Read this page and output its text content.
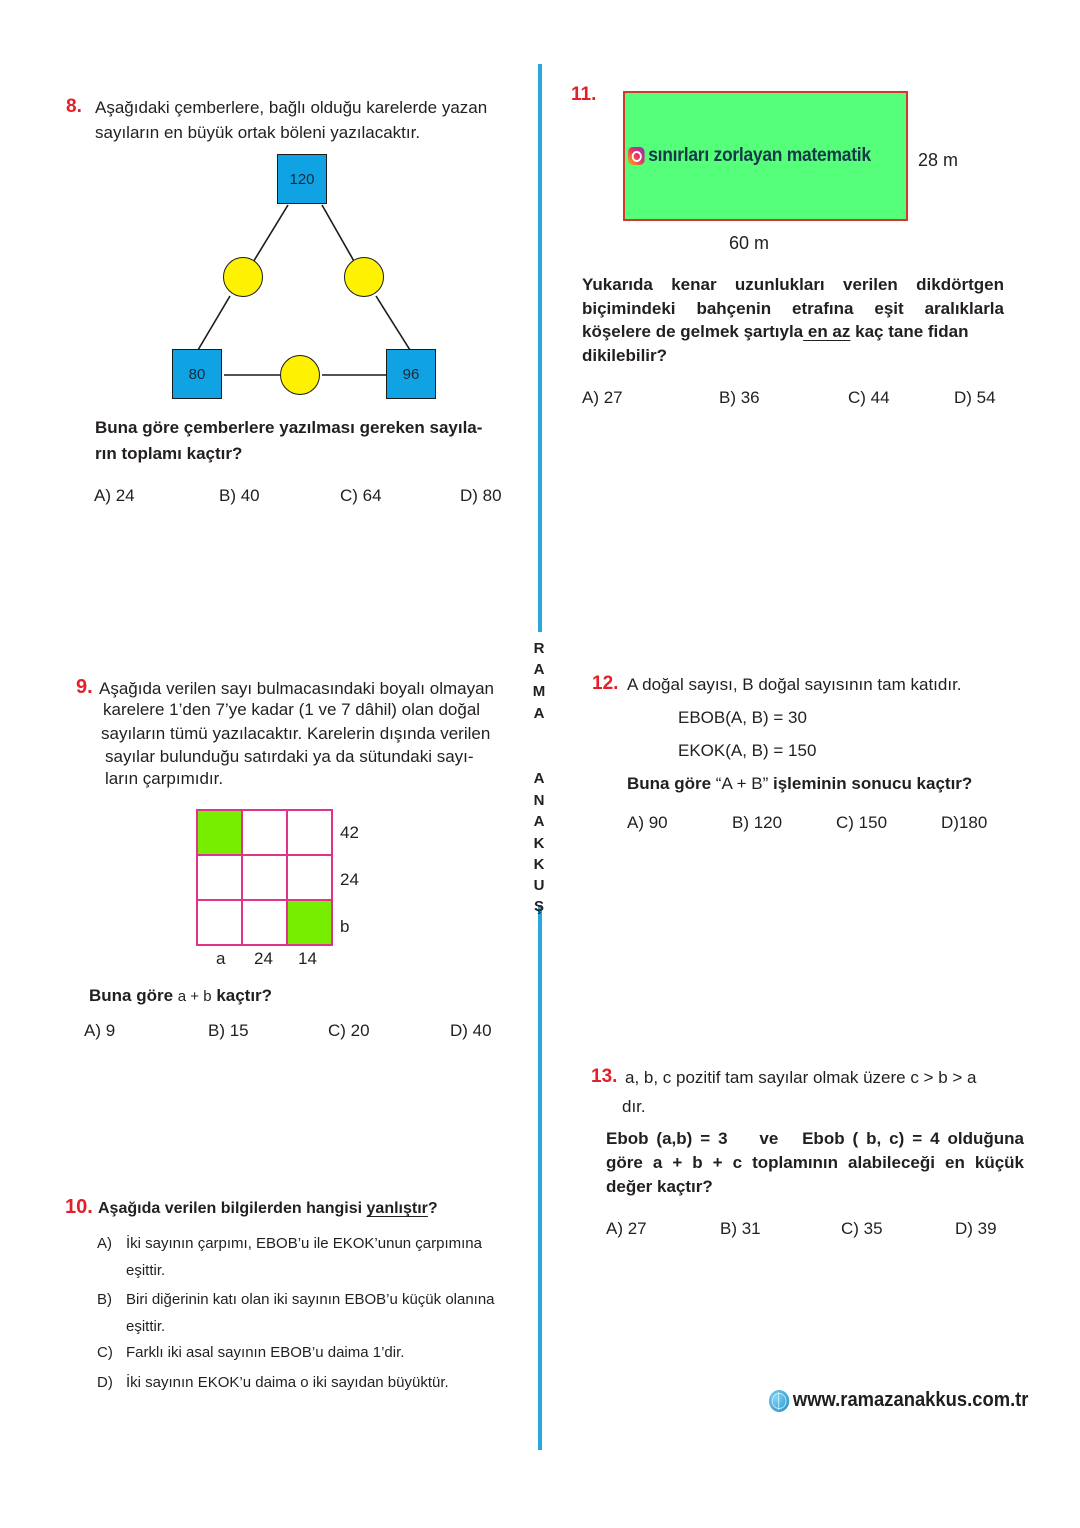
R
A
M
A
A
N
A
K
K
U
Ş
8. Aşağıdaki çemberlere, bağlı olduğu karelerde yazan
sayıların en büyük ortak böleni yazılacaktır.
120
80	96
Buna göre çemberlere yazılması gereken sayıla-
rın toplamı kaçtır?
A) 24	B) 40	C) 64	D) 80
9. Aşağıda verilen sayı bulmacasındaki boyalı olmayan
karelere 1’den 7’ye kadar (1 ve 7 dâhil) olan doğal
sayıların tümü yazılacaktır. Karelerin dışında verilen
sayılar bulunduğu satırdaki ya da sütundaki sayı-
ların çarpımıdır.
42
24
b
a 24 14
Buna göre a + b kaçtır?
A) 9	B) 15	C) 20	D) 40
10. Aşağıda verilen bilgilerden hangisi yanlıştır?
A) İki sayının çarpımı, EBOB’u ile EKOK’unun çarpımına
eşittir.
B) Biri diğerinin katı olan iki sayının EBOB’u küçük olanına
eşittir.
C) Farklı iki asal sayının EBOB’u daima 1’dir.
D) İki sayının EKOK’u daima o iki sayıdan büyüktür.
11.
sınırları zorlayan matematik	28 m
60 m
Yukarıda kenar uzunlukları verilen dikdörtgen
biçimindeki bahçenin etrafına eşit aralıklarla
köşelere de gelmek şartıyla en az kaç tane fidan
dikilebilir?
A) 27	B) 36	C) 44	D) 54
12. A doğal sayısı, B doğal sayısının tam katıdır.
EBOB(A, B) = 30
EKOK(A, B) = 150
Buna göre “A + B” işleminin sonucu kaçtır?
A) 90	B) 120	C) 150	D)180
13. a, b, c pozitif tam sayılar olmak üzere c > b > a
dır.
Ebob (a,b) = 3    ve   Ebob ( b, c) = 4 olduğuna
göre a + b + c toplamının alabileceği en küçük
değer kaçtır?
A) 27	B) 31	C) 35	D) 39
www.ramazanakkus.com.tr
